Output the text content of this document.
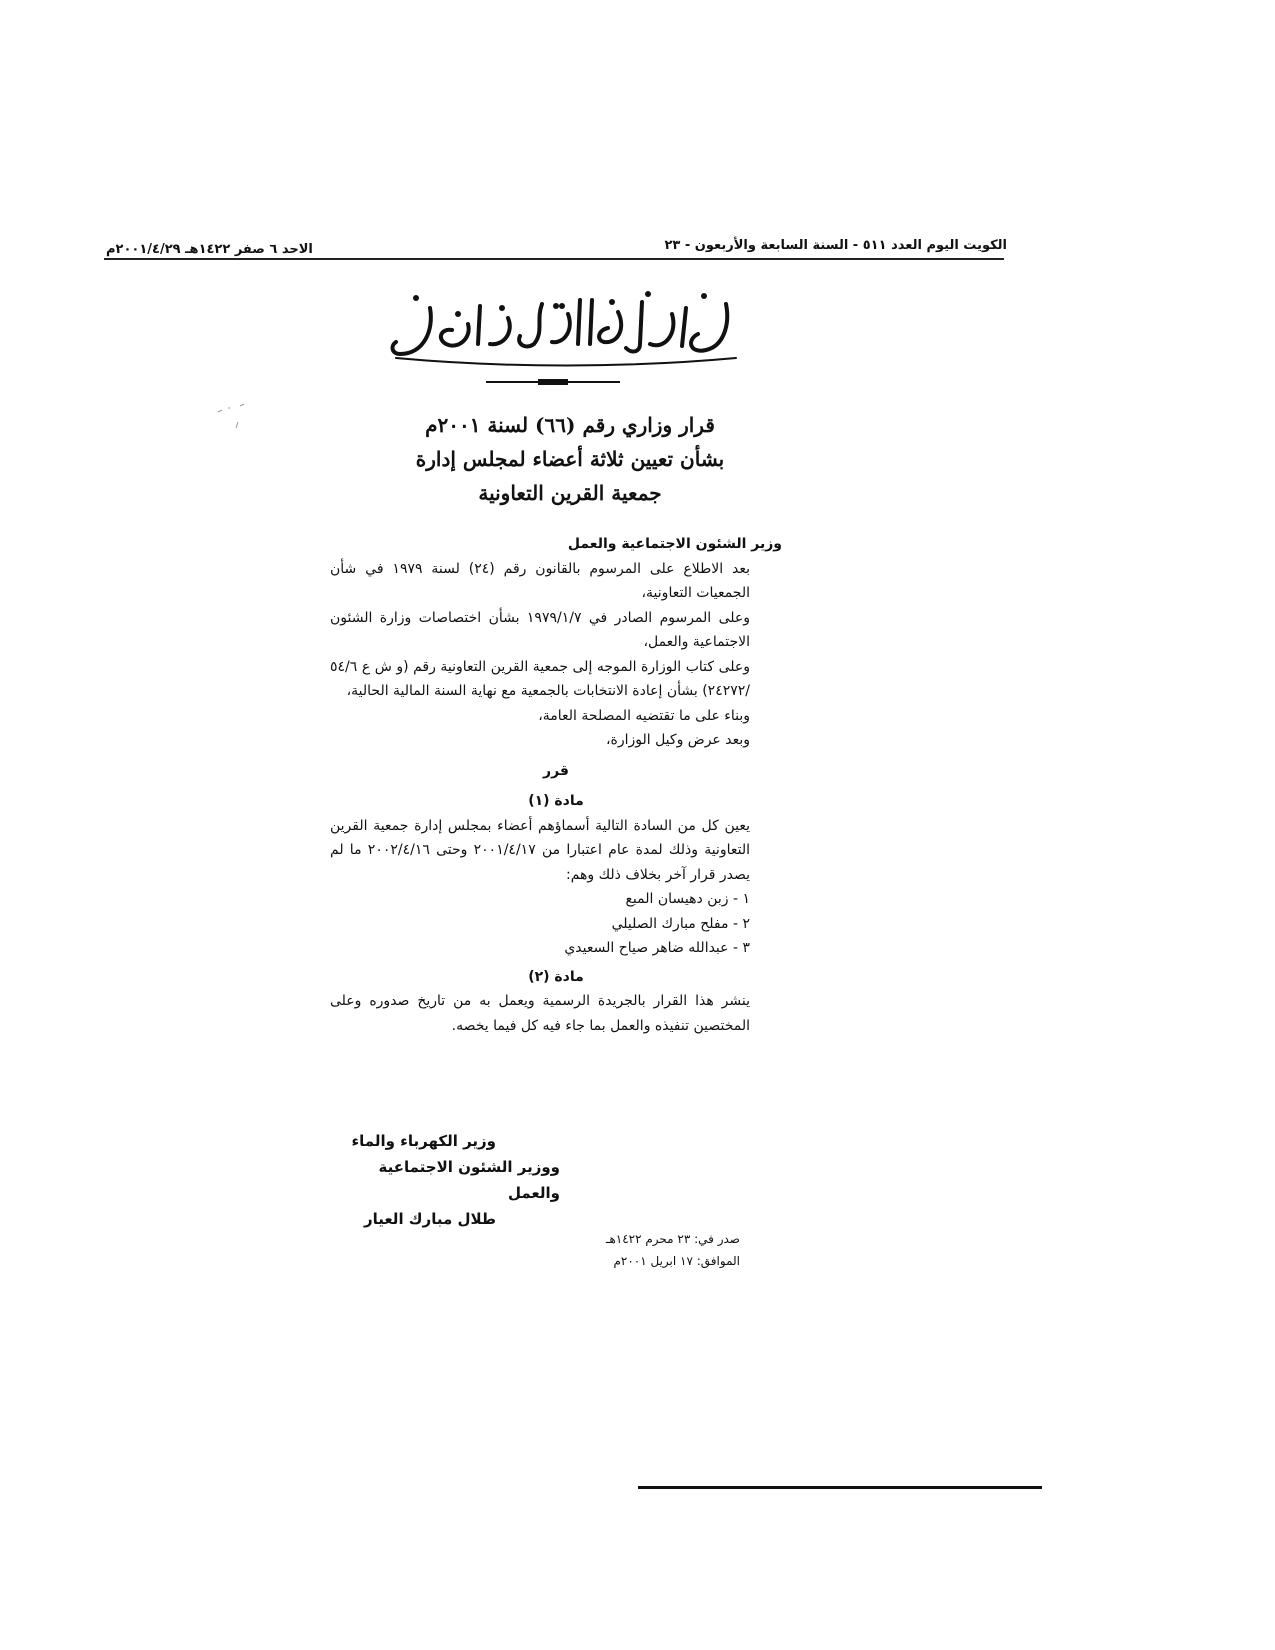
الكويت اليوم العدد ٥١١ - السنة السابعة والأربعون - ٢٣
الاحد ٦ صفر ١٤٢٢هـ ٢٠٠١/٤/٢٩م
قرار وزاري رقم (٦٦) لسنة ٢٠٠١م
بشأن تعيين ثلاثة أعضاء لمجلس إدارة
جمعية القرين التعاونية

وزير الشئون الاجتماعية والعمل

بعد الاطلاع على المرسوم بالقانون رقم (٢٤) لسنة ١٩٧٩ في شأن الجمعيات التعاونية،

وعلى المرسوم الصادر في ١٩٧٩/١/٧ بشأن اختصاصات وزارة الشئون الاجتماعية والعمل،

وعلى كتاب الوزارة الموجه إلى جمعية القرين التعاونية رقم (و ش ع ٥٤/٦ /٢٤٢٧٢) بشأن إعادة الانتخابات بالجمعية مع نهاية السنة المالية الحالية،

وبناء على ما تقتضيه المصلحة العامة،

وبعد عرض وكيل الوزارة،

قرر

مادة (١)

يعين كل من السادة التالية أسماؤهم أعضاء بمجلس إدارة جمعية القرين التعاونية وذلك لمدة عام اعتبارا من ٢٠٠١/٤/١٧ وحتى ٢٠٠٢/٤/١٦ ما لم يصدر قرار آخر بخلاف ذلك وهم:

١ - زبن دهيسان المبع

٢ - مفلح مبارك الصليلي

٣ - عبدالله ضاهر صياح السعيدي

مادة (٢)

ينشر هذا القرار بالجريدة الرسمية ويعمل به من تاريخ صدوره وعلى المختصين تنفيذه والعمل بما جاء فيه كل فيما يخصه.

وزير الكهرباء والماء
ووزير الشئون الاجتماعية والعمل
طلال مبارك العيار
صدر في: ٢٣ محرم ١٤٢٢هـ
الموافق: ١٧ ابريل ٢٠٠١م
